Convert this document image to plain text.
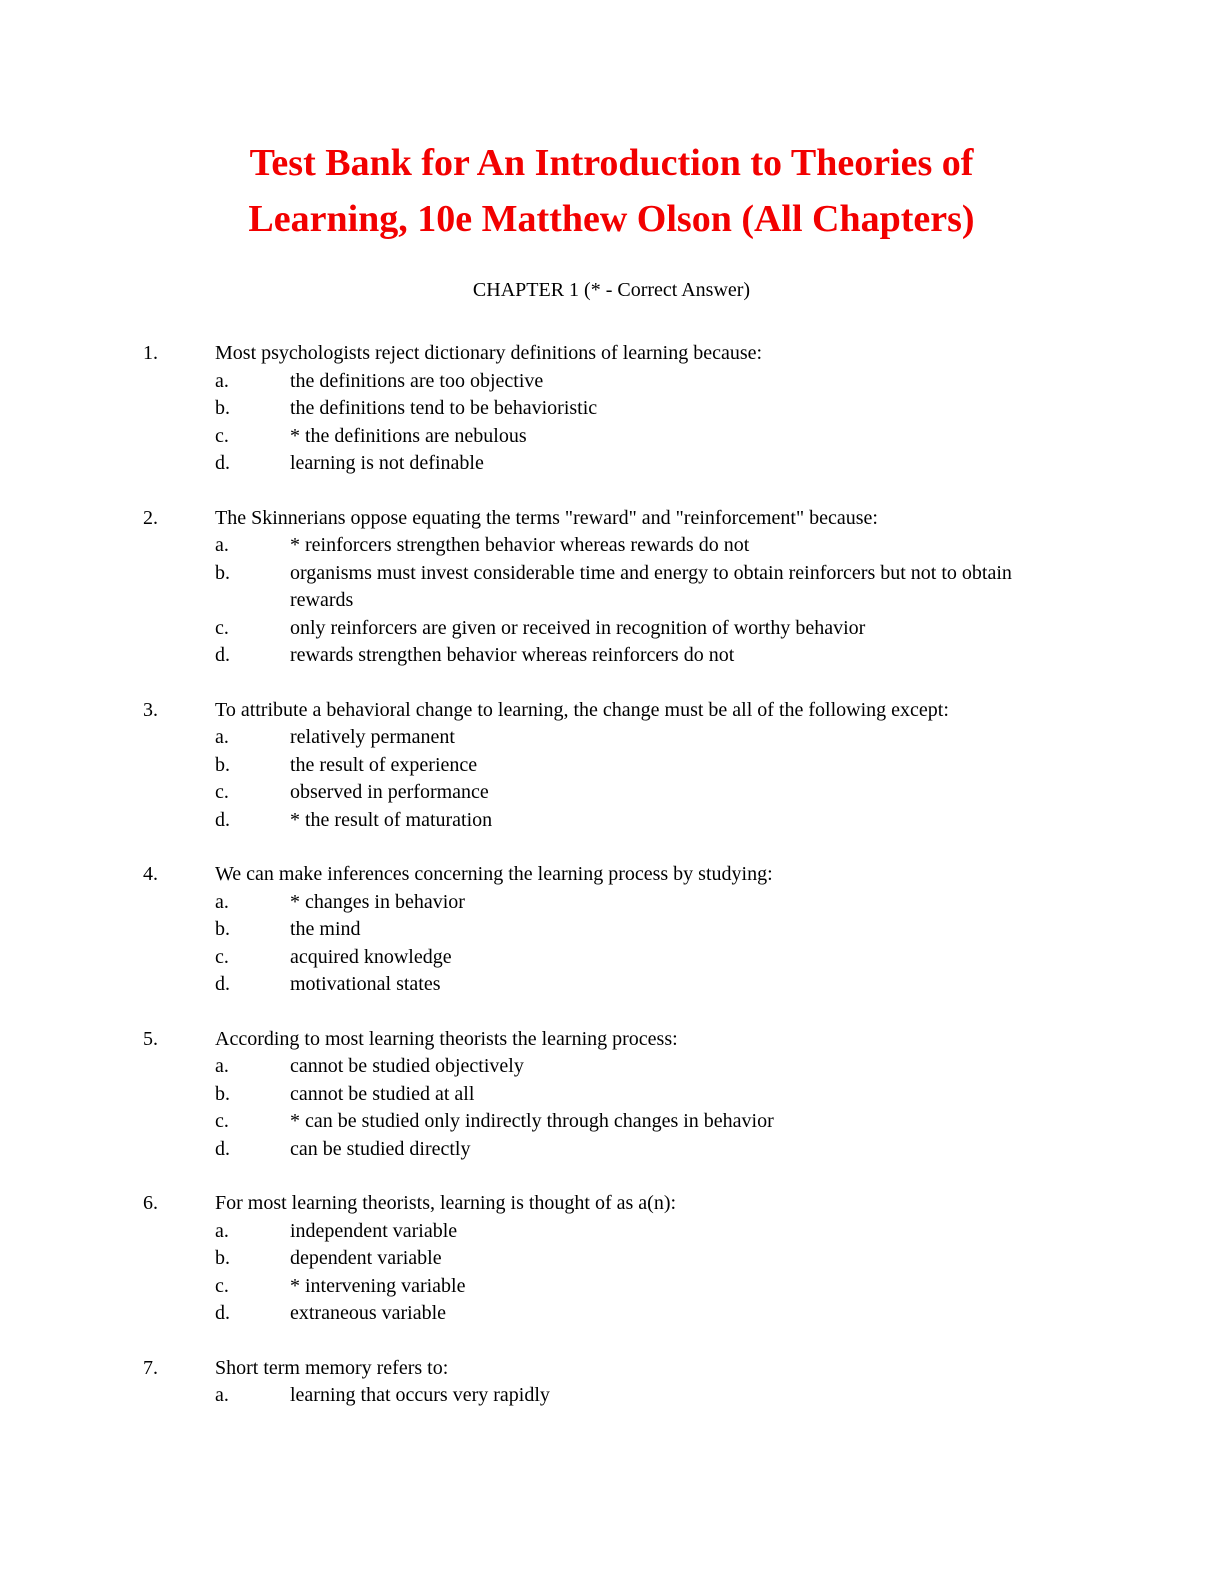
Test Bank for An Introduction to Theories of
Learning, 10e Matthew Olson (All Chapters)
CHAPTER 1 (* - Correct Answer)
1.	Most psychologists reject dictionary definitions of learning because:
a.	the definitions are too objective
b.	the definitions tend to be behavioristic
c.	* the definitions are nebulous
d.	learning is not definable
2.	The Skinnerians oppose equating the terms "reward" and "reinforcement" because:
a.	* reinforcers strengthen behavior whereas rewards do not
b.	organisms must invest considerable time and energy to obtain reinforcers but not to obtain rewards
c.	only reinforcers are given or received in recognition of worthy behavior
d.	rewards strengthen behavior whereas reinforcers do not
3.	To attribute a behavioral change to learning, the change must be all of the following except:
a.	relatively permanent
b.	the result of experience
c.	observed in performance
d.	* the result of maturation
4.	We can make inferences concerning the learning process by studying:
a.	* changes in behavior
b.	the mind
c.	acquired knowledge
d.	motivational states
5.	According to most learning theorists the learning process:
a.	cannot be studied objectively
b.	cannot be studied at all
c.	* can be studied only indirectly through changes in behavior
d.	can be studied directly
6.	For most learning theorists, learning is thought of as a(n):
a.	independent variable
b.	dependent variable
c.	* intervening variable
d.	extraneous variable
7.	Short term memory refers to:
a.	learning that occurs very rapidly
